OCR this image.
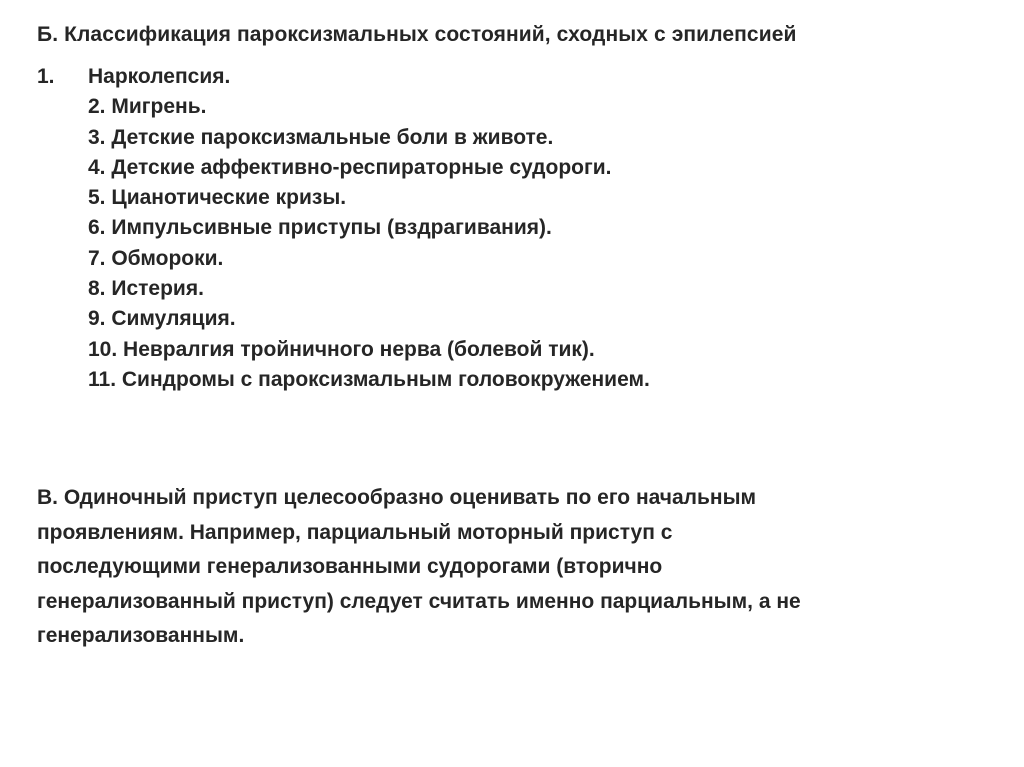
Б. Классификация пароксизмальных состояний, сходных с эпилепсией
1. Нарколепсия.
2. Мигрень.
3. Детские пароксизмальные боли в животе.
4. Детские аффективно-респираторные судороги.
5. Цианотические кризы.
6. Импульсивные приступы (вздрагивания).
7. Обмороки.
8. Истерия.
9. Симуляция.
10. Невралгия тройничного нерва (болевой тик).
11. Синдромы с пароксизмальным головокружением.
В. Одиночный приступ целесообразно оценивать по его начальным
проявлениям. Например, парциальный моторный приступ с
последующими генерализованными судорогами (вторично
генерализованный приступ) следует считать именно парциальным, а не
генерализованным.
